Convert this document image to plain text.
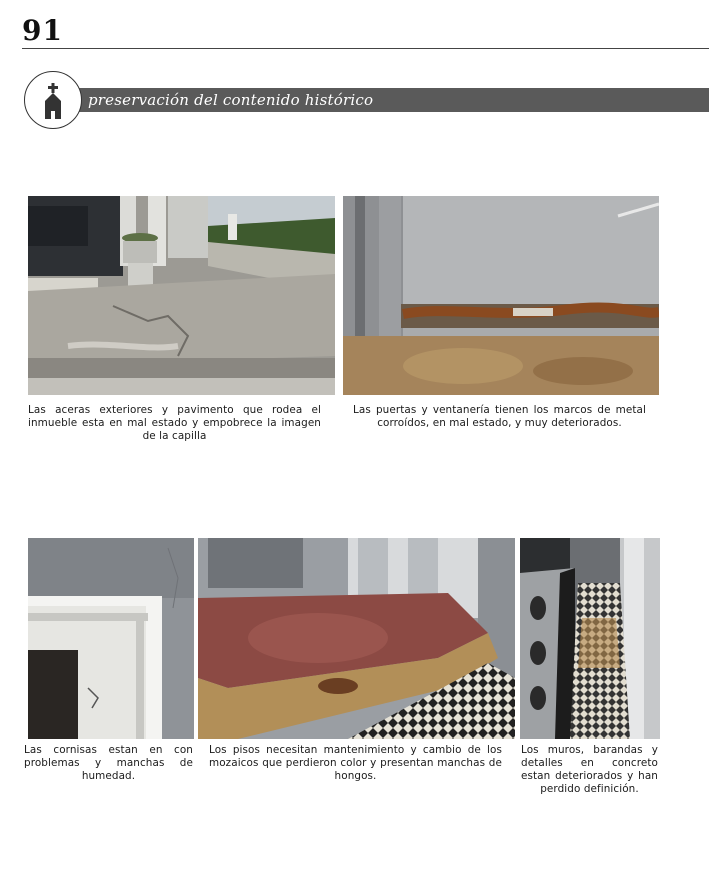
91
preservación del contenido histórico
Las aceras exteriores y pavimento que rodea el inmueble esta en mal estado y empobrece la imagen de la capilla
Las puertas y ventanería tienen los marcos de metal corroídos, en mal estado, y muy deteriorados.
Las cornisas estan en con problemas y manchas de humedad.
Los pisos necesitan mantenimiento y cambio de los mozaicos que perdieron color y presentan manchas de hongos.
Los muros, barandas y detalles en concreto estan deteriorados y han perdido definición.
